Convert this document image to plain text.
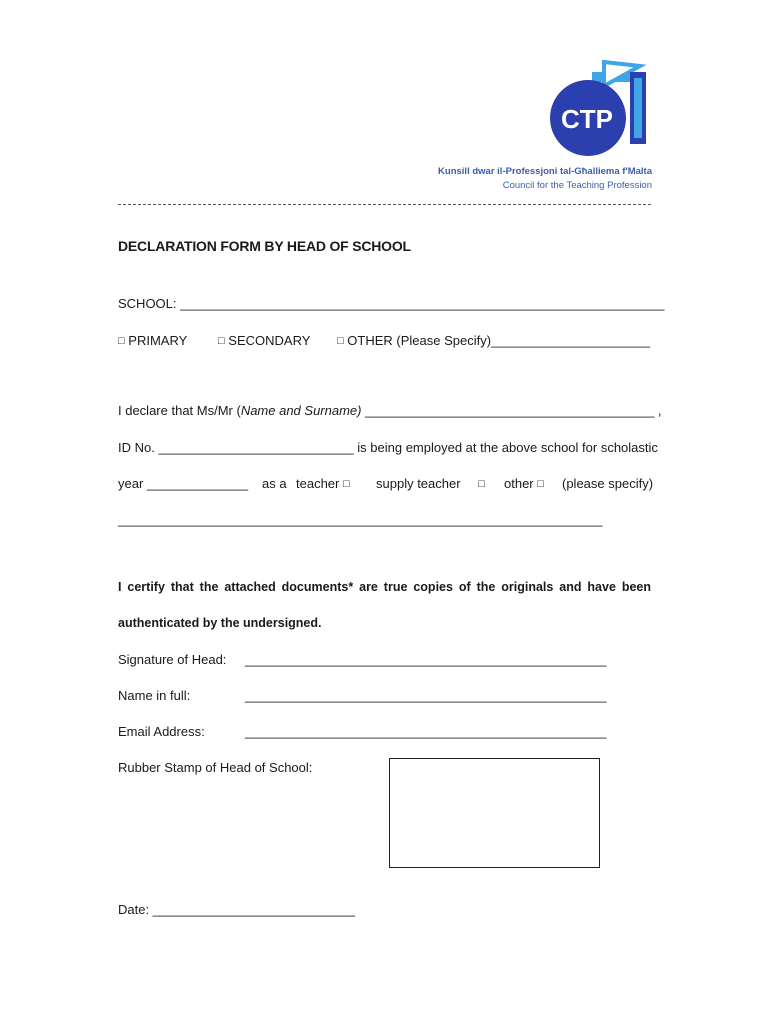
CTP
Kunsill dwar il-Professjoni tal-Għalliema f'Malta
Council for the Teaching Profession
DECLARATION FORM BY HEAD OF SCHOOL
SCHOOL: ___________________________________________________________________
□ PRIMARY	□ SECONDARY □ OTHER (Please Specify)______________________
I declare that Ms/Mr (Name and Surname) ________________________________________ ,
ID No. ___________________________ is being employed at the above school for scholastic
year ______________ as a teacher □ supply teacher □ other □ (please specify)
___________________________________________________________________
I certify that the attached documents* are true copies of the originals and have been
authenticated by the undersigned.
Signature of Head: __________________________________________________
Name in full:	__________________________________________________
Email Address:	__________________________________________________
Rubber Stamp of Head of School:
Date: ____________________________
